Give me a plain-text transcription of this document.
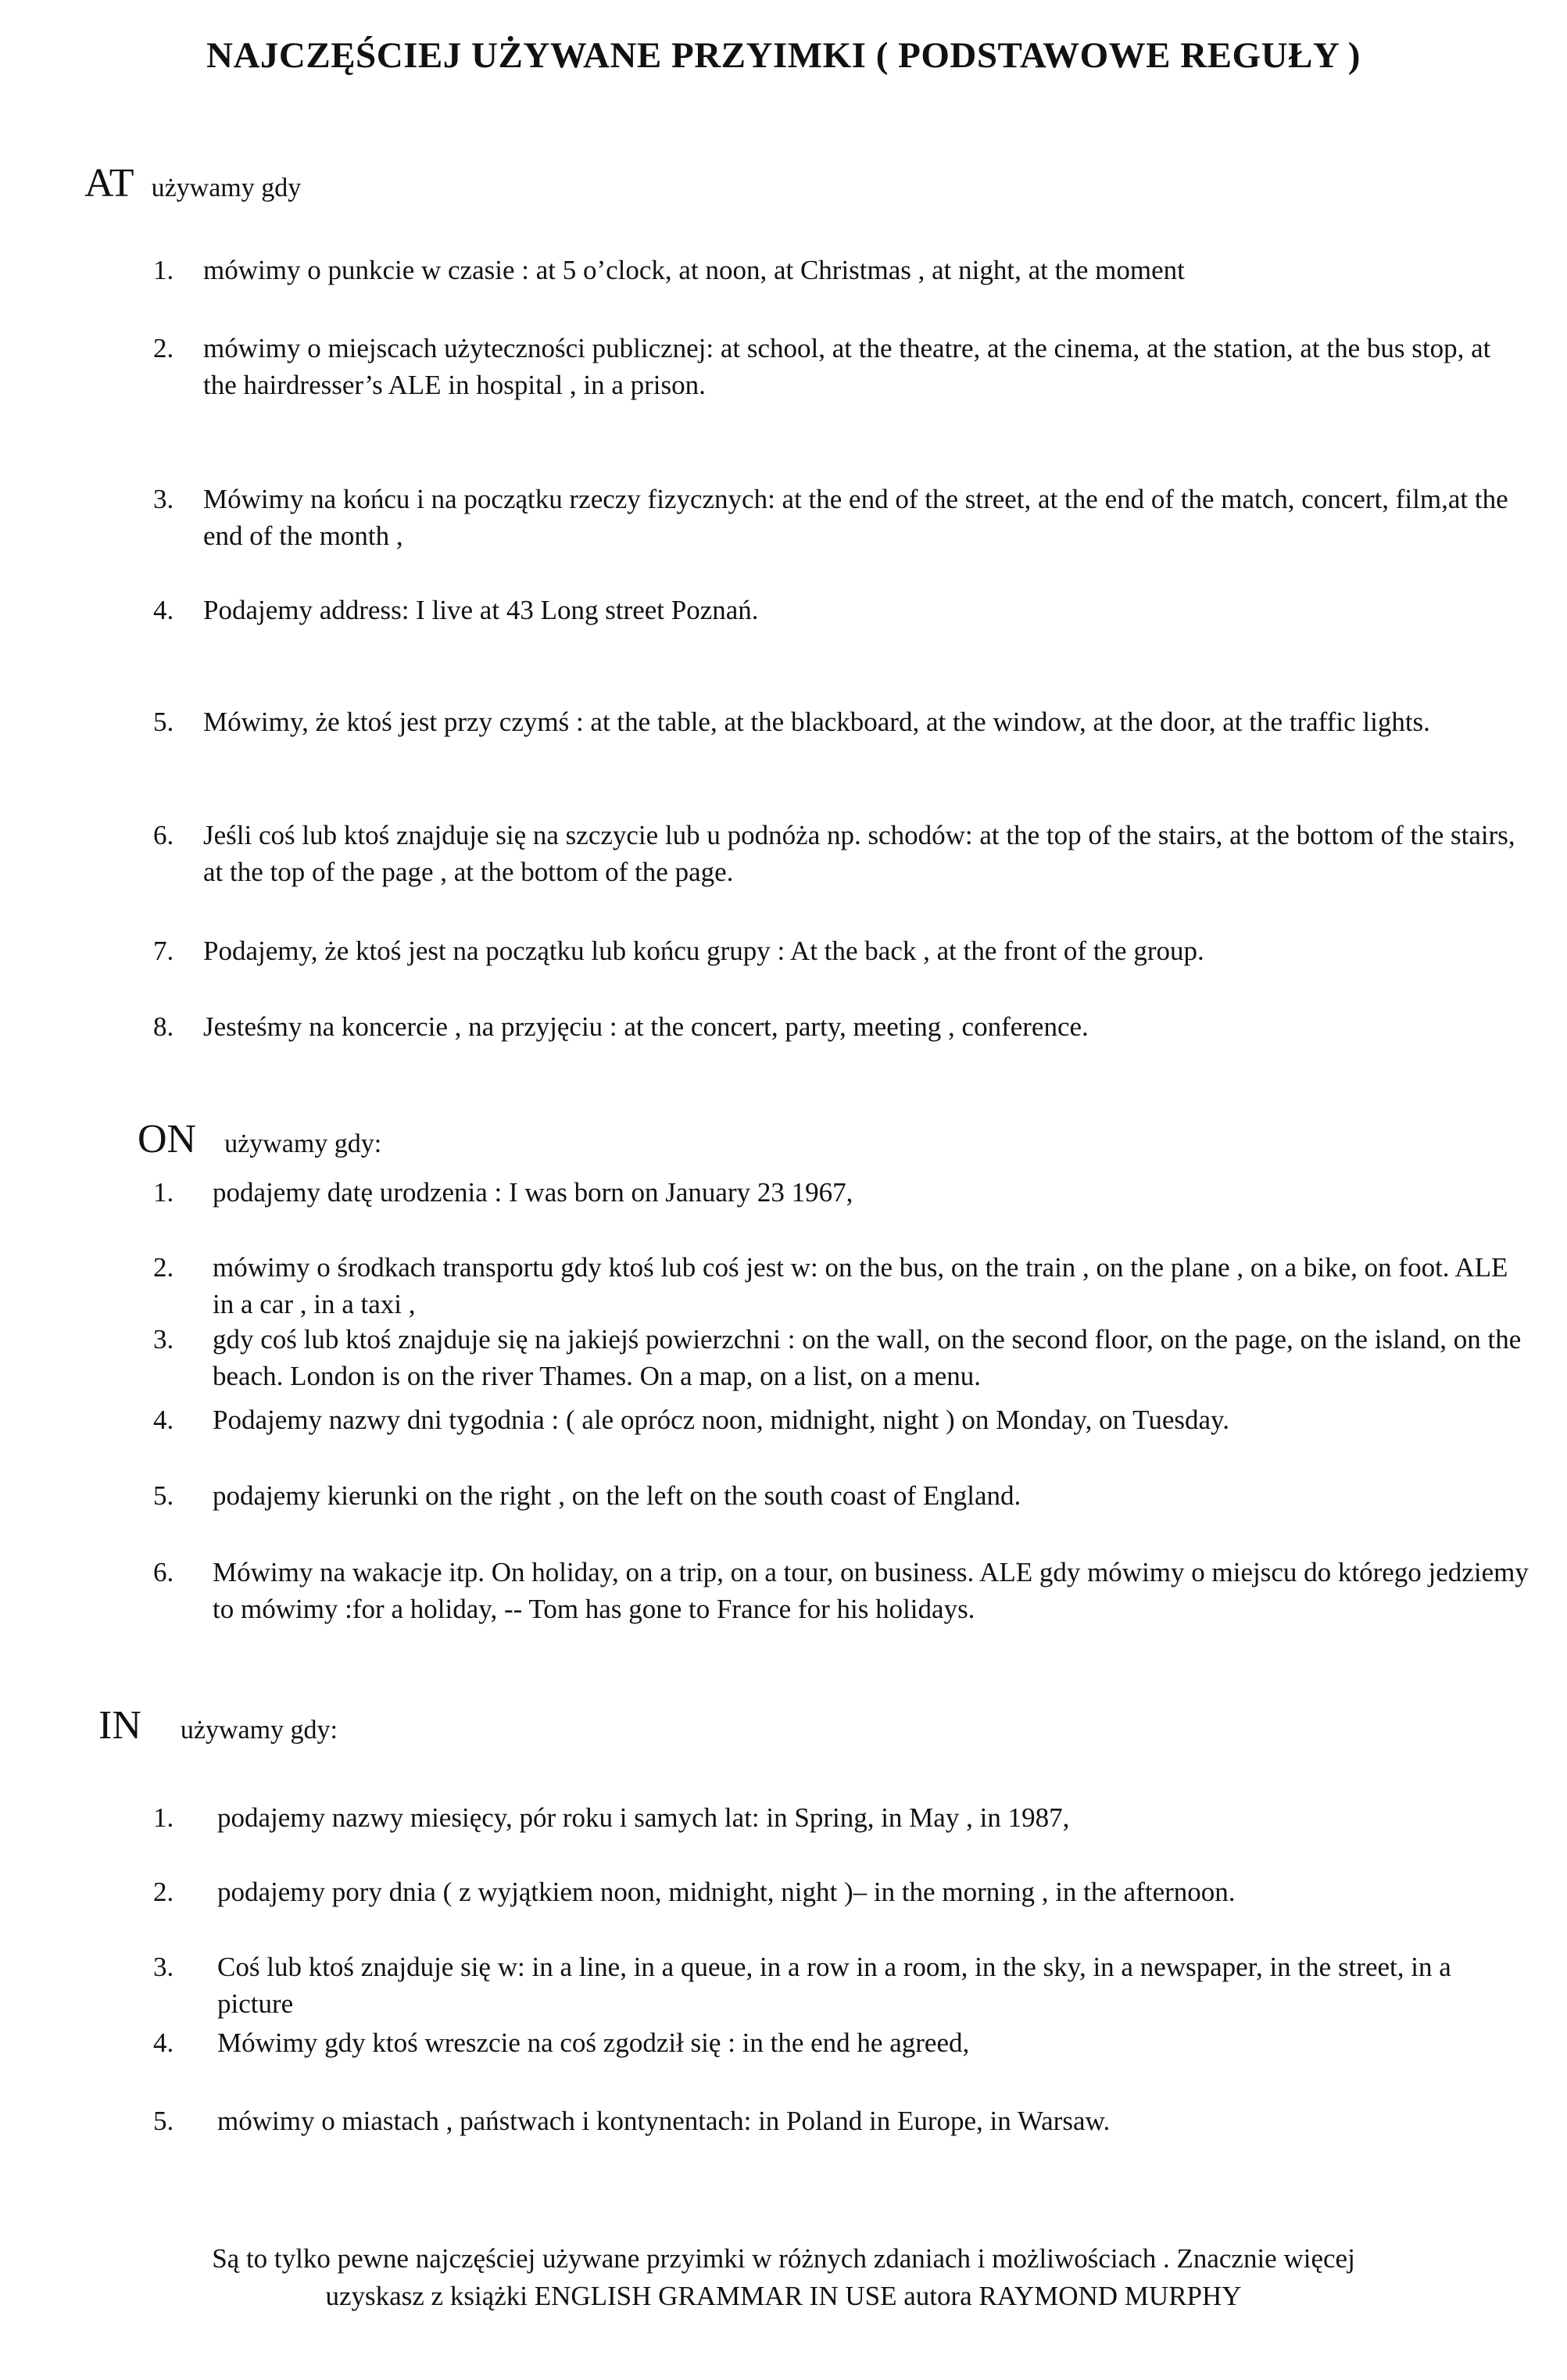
NAJCZĘŚCIEJ UŻYWANE PRZYIMKI ( PODSTAWOWE REGUŁY )
AT używamy gdy
1. mówimy o punkcie w czasie : at 5 o’clock, at noon, at Christmas , at night, at the moment
2. mówimy o miejscach użyteczności publicznej: at school, at the theatre, at the cinema, at the station, at the bus stop, at the hairdresser’s ALE in hospital , in a prison.
3. Mówimy na końcu i na początku rzeczy fizycznych: at the end of the street, at the end of the match, concert, film,at the end of the month ,
4. Podajemy address: I live at 43 Long street Poznań.
5. Mówimy, że ktoś jest przy czymś : at the table, at the blackboard, at the window, at the door, at the traffic lights.
6. Jeśli coś lub ktoś znajduje się na szczycie lub u podnóża np. schodów: at the top of the stairs, at the bottom of the stairs, at the top of the page , at the bottom of the page.
7. Podajemy, że ktoś jest na początku lub końcu grupy : At the back , at the front of the group.
8. Jesteśmy na koncercie , na przyjęciu : at the concert, party, meeting , conference.
ON używamy gdy:
1. podajemy datę urodzenia : I was born on January 23 1967,
2. mówimy o środkach transportu gdy ktoś lub coś jest w: on the bus, on the train , on the plane , on a bike, on foot. ALE in a car , in a taxi ,
3. gdy coś lub ktoś znajduje się na jakiejś powierzchni : on the wall, on the second floor, on the page, on the island, on the beach. London is on the river Thames. On a map, on a list, on a menu.
4. Podajemy nazwy dni tygodnia : ( ale oprócz noon, midnight, night ) on Monday, on Tuesday.
5. podajemy kierunki on the right , on the left on the south coast of England.
6. Mówimy na wakacje itp. On holiday, on a trip, on a tour, on business. ALE gdy mówimy o miejscu do którego jedziemy to mówimy :for a holiday, -- Tom has gone to France for his holidays.
IN używamy gdy:
1. podajemy nazwy miesięcy, pór roku i samych lat: in Spring, in May , in 1987,
2. podajemy pory dnia ( z wyjątkiem noon, midnight, night )– in the morning , in the afternoon.
3. Coś lub ktoś znajduje się w: in a line, in a queue, in a row in a room, in the sky, in a newspaper, in the street, in a picture
4. Mówimy gdy ktoś wreszcie na coś zgodził się : in the end he agreed,
5. mówimy o miastach , państwach i kontynentach: in Poland in Europe, in Warsaw.
Są to tylko pewne najczęściej używane przyimki w różnych zdaniach i możliwościach . Znacznie więcej
uzyskasz z książki ENGLISH GRAMMAR IN USE autora RAYMOND MURPHY
